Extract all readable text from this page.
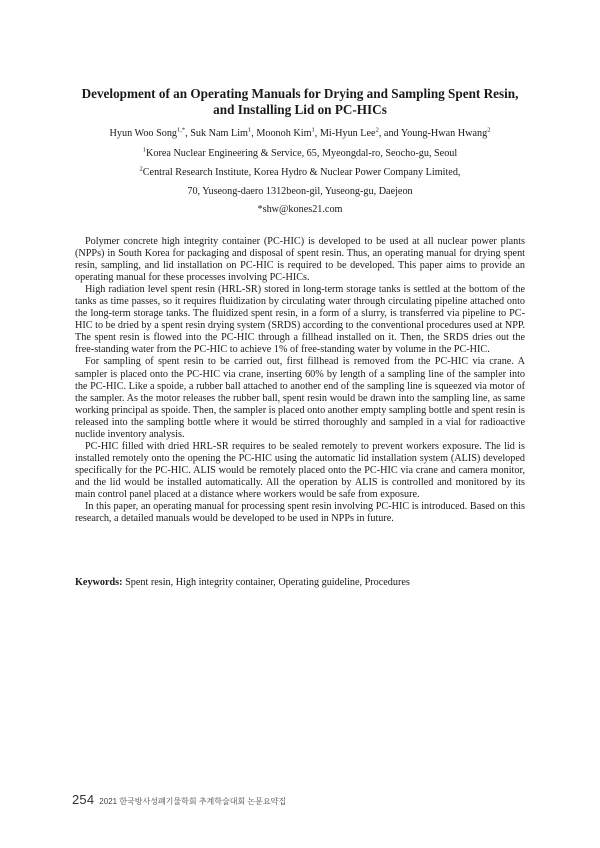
Development of an Operating Manuals for Drying and Sampling Spent Resin,
and Installing Lid on PC-HICs
Hyun Woo Song$^{1,*}$, Suk Nam Lim$^1$, Moonoh Kim$^1$, Mi-Hyun Lee$^2$, and Young-Hwan Hwang$^2$
$^1$Korea Nuclear Engineering & Service, 65, Myeongdal-ro, Seocho-gu, Seoul
$^2$Central Research Institute, Korea Hydro & Nuclear Power Company Limited,
70, Yuseong-daero 1312beon-gil, Yuseong-gu, Daejeon
*shw@kones21.com

Polymer concrete high integrity container (PC-HIC) is developed to be used at all nuclear power plants (NPPs) in South Korea for packaging and disposal of spent resin. Thus, an operating manual for drying spent resin, sampling, and lid installation on PC-HIC is required to be developed. This paper aims to provide an operating manual for these processes involving PC-HICs.

High radiation level spent resin (HRL-SR) stored in long-term storage tanks is settled at the bottom of the tanks as time passes, so it requires fluidization by circulating water through circulating pipeline attached onto the long-term storage tanks. The fluidized spent resin, in a form of a slurry, is transferred via pipeline to PC-HIC to be dried by a spent resin drying system (SRDS) according to the conventional procedures used at NPP. The spent resin is flowed into the PC-HIC through a fillhead installed on it. Then, the SRDS dries out the free-standing water from the PC-HIC to achieve 1% of free-standing water by volume in the PC-HIC.

For sampling of spent resin to be carried out, first fillhead is removed from the PC-HIC via crane. A sampler is placed onto the PC-HIC via crane, inserting 60% by length of a sampling line of the sampler into the PC-HIC. Like a spoide, a rubber ball attached to another end of the sampling line is squeezed via motor of the sampler. As the motor releases the rubber ball, spent resin would be drawn into the sampling line, as same working principal as spoide. Then, the sampler is placed onto another empty sampling bottle and spent resin is released into the sampling bottle where it would be stirred thoroughly and sampled in a vial for radioactive nuclide inventory analysis.

PC-HIC filled with dried HRL-SR requires to be sealed remotely to prevent workers exposure. The lid is installed remotely onto the opening the PC-HIC using the automatic lid installation system (ALIS) developed specifically for the PC-HIC. ALIS would be remotely placed onto the PC-HIC via crane and camera monitor, and the lid would be installed automatically. All the operation by ALIS is controlled and monitored by its main control panel placed at a distance where workers would be safe from exposure.

In this paper, an operating manual for processing spent resin involving PC-HIC is introduced. Based on this research, a detailed manuals would be developed to be used in NPPs in future.

Keywords: Spent resin, High integrity container, Operating guideline, Procedures
254 2021 한국방사성폐기물학회 추계학술대회 논문요약집
